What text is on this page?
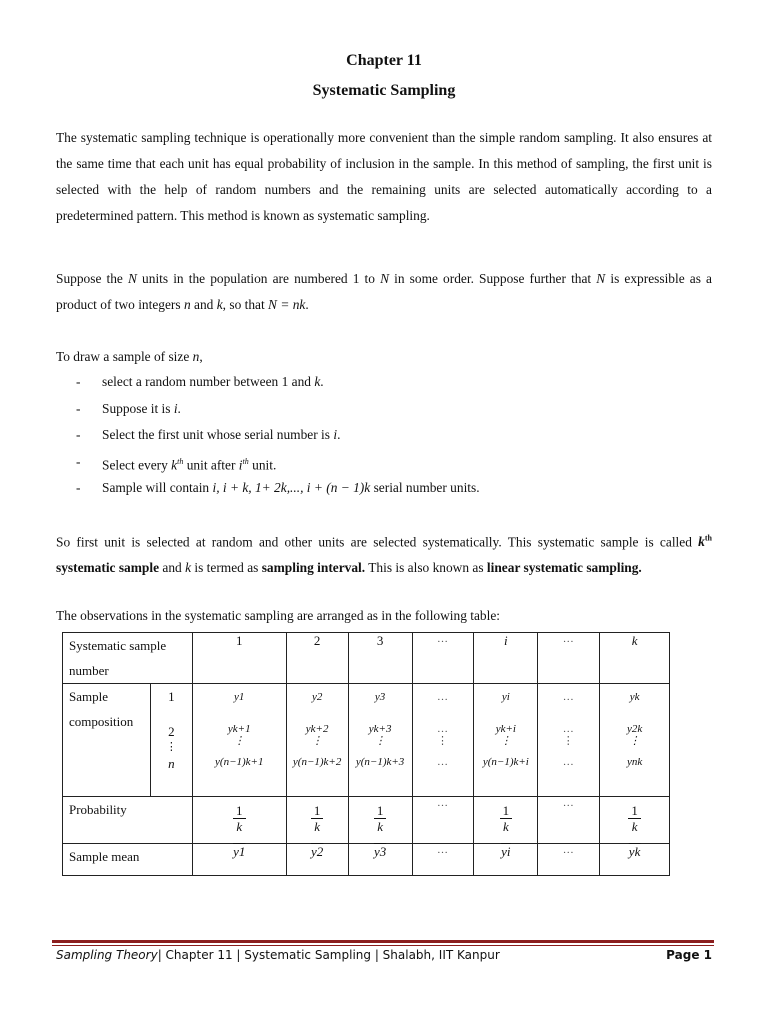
Chapter 11
Systematic Sampling

The systematic sampling technique is operationally more convenient than the simple random sampling. It also ensures at the same time that each unit has equal probability of inclusion in the sample. In this method of sampling, the first unit is selected with the help of random numbers and the remaining units are selected automatically according to a predetermined pattern. This method is known as systematic sampling.

Suppose the N units in the population are numbered 1 to N in some order. Suppose further that N is expressible as a product of two integers n and k, so that N = nk.

To draw a sample of size n,
- select a random number between 1 and k.
- Suppose it is i.
- Select the first unit whose serial number is i.
- Select every $k^{th}$ unit after $i^{th}$ unit.
- Sample will contain i, i + k, 1+ 2k,..., i + (n − 1)k serial number units.

So first unit is selected at random and other units are selected systematically. This systematic sample is called $k^{th}$ systematic sample and k is termed as sampling interval. This is also known as linear systematic sampling.

The observations in the systematic sampling are arranged as in the following table:
Systematic sample number		1	2	3	…	i	…	k
Sample composition	1
2
⋮
n	y1
yk+1
⋮
y(n−1)k+1	y2
yk+2
⋮
y(n−1)k+2	y3
yk+3
⋮
y(n−1)k+3	…
…
⋮
…	yi
yk+i
⋮
y(n−1)k+i	…
…
⋮
…	yk
y2k
⋮
ynk

Probability		$\frac{1}{k}$	$\frac{1}{k}$	$\frac{1}{k}$	…	$\frac{1}{k}$	…	$\frac{1}{k}$

Sample mean		y1	y2	y3	…	$\overline{yi}$	…	$\overline{yk}$
Sampling Theory| Chapter 11 | Systematic Sampling | Shalabh, IIT Kanpur	Page 1
